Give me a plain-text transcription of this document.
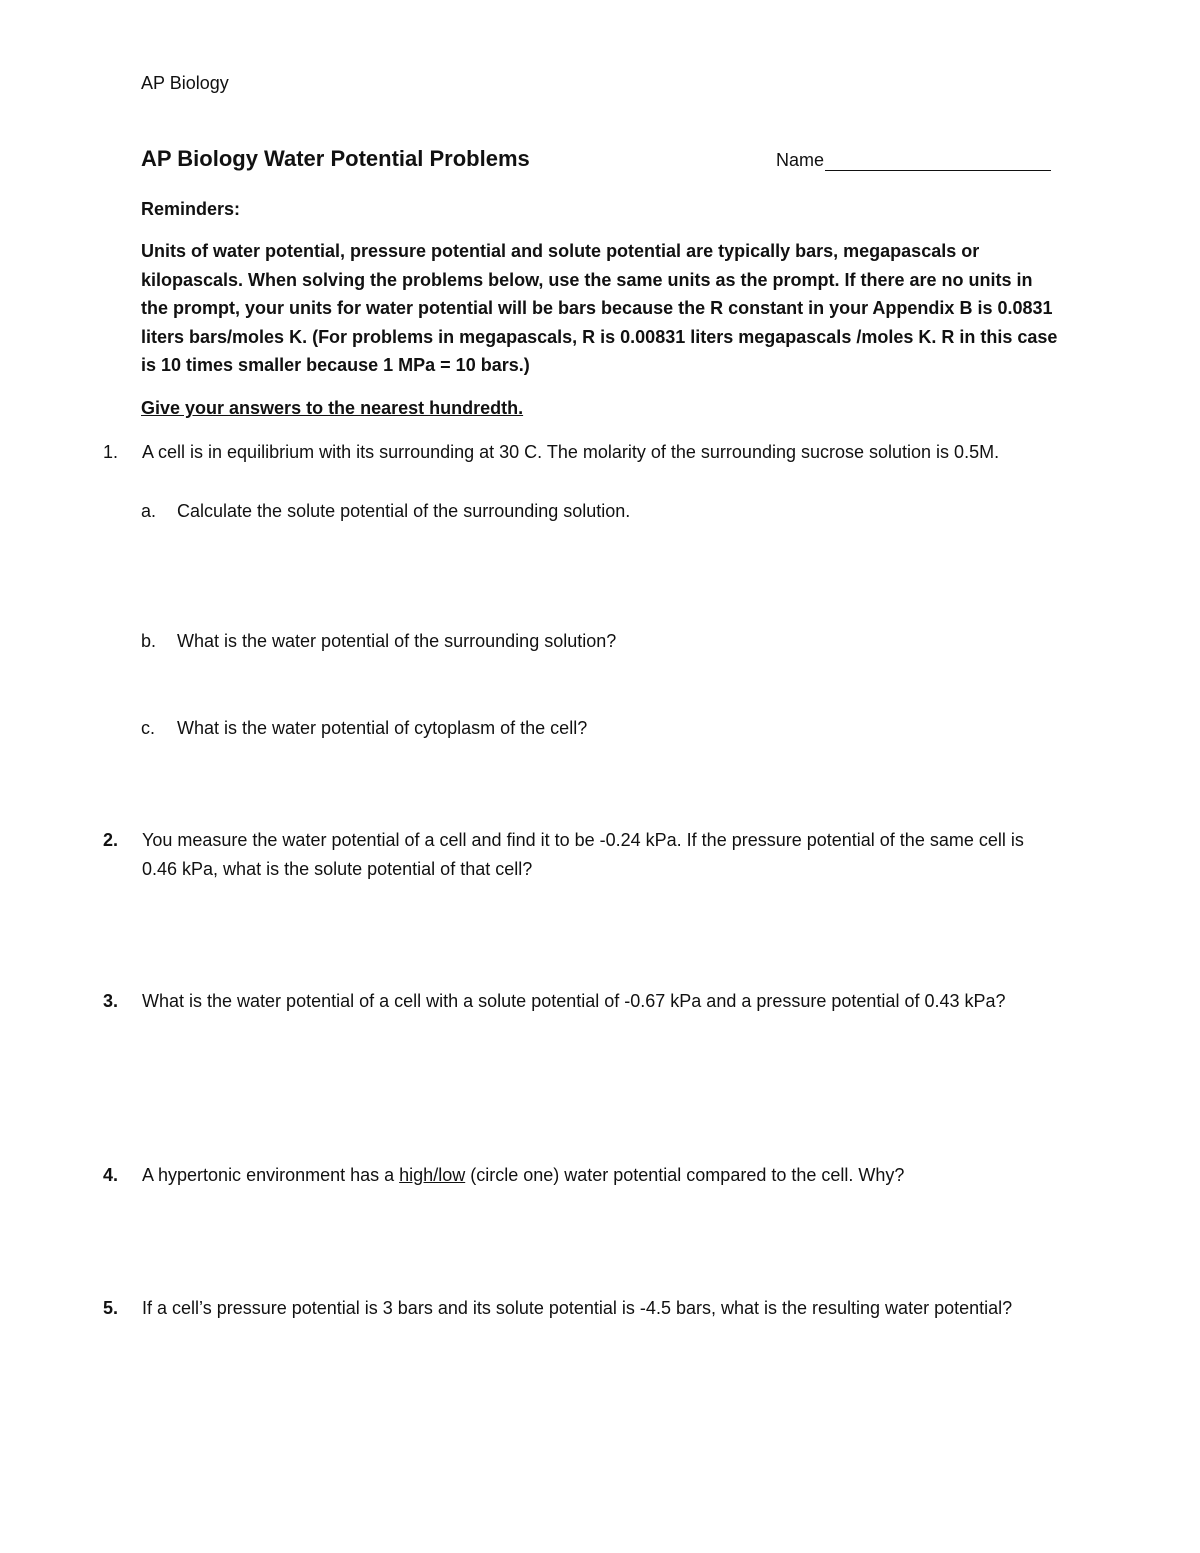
AP Biology
AP Biology Water Potential Problems	Name
Reminders:
Units of water potential, pressure potential and solute potential are typically bars, megapascals or kilopascals. When solving the problems below, use the same units as the prompt. If there are no units in the prompt, your units for water potential will be bars because the R constant in your Appendix B is 0.0831 liters bars/moles K. (For problems in megapascals, R is 0.00831 liters megapascals /moles K. R in this case is 10 times smaller because 1 MPa = 10 bars.)
Give your answers to the nearest hundredth.
1.	A cell is in equilibrium with its surrounding at 30 C. The molarity of the surrounding sucrose solution is 0.5M.
a.	Calculate the solute potential of the surrounding solution.
b.	What is the water potential of the surrounding solution?
c.	What is the water potential of cytoplasm of the cell?
2.	You measure the water potential of a cell and find it to be -0.24 kPa. If the pressure potential of the same cell is 0.46 kPa, what is the solute potential of that cell?
3.	What is the water potential of a cell with a solute potential of -0.67 kPa and a pressure potential of 0.43 kPa?
4.	A hypertonic environment has a high/low (circle one) water potential compared to the cell. Why?
5.	If a cell’s pressure potential is 3 bars and its solute potential is -4.5 bars, what is the resulting water potential?
